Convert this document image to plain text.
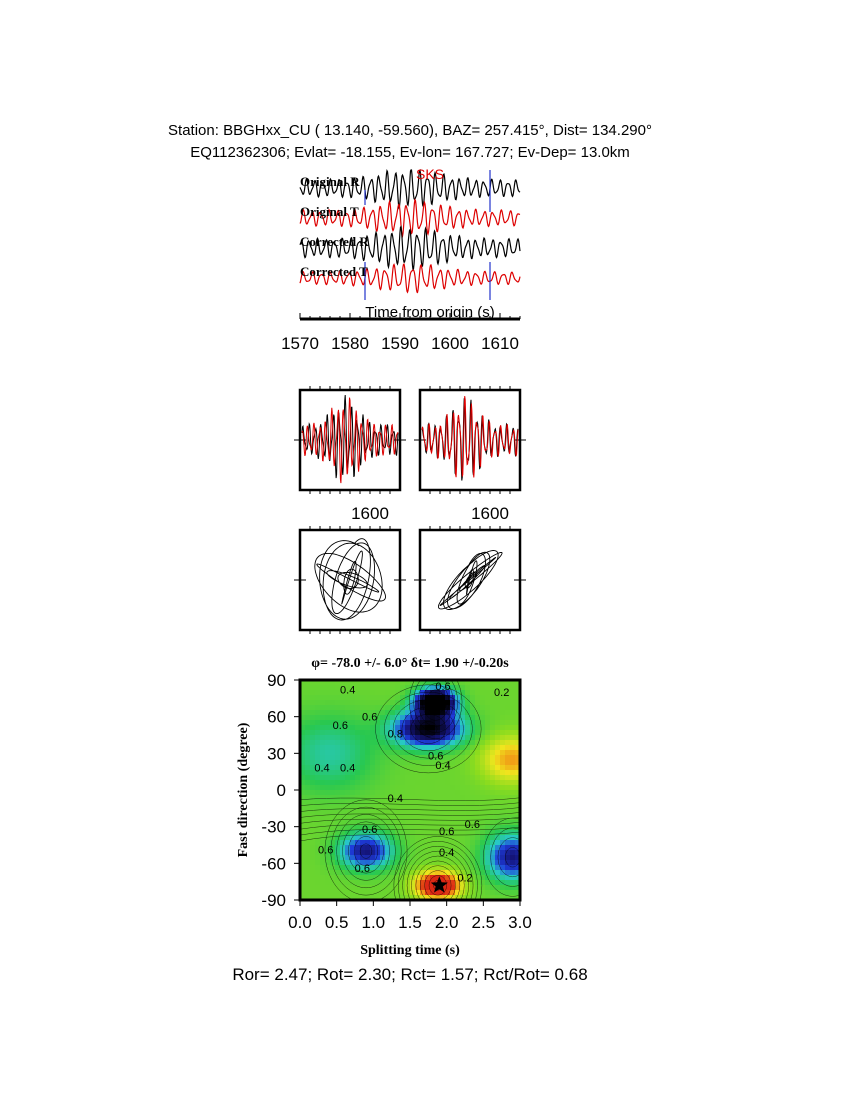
Station: BBGHxx_CU ( 13.140, -59.560), BAZ= 257.415°, Dist= 134.290°
EQ112362306; Evlat= -18.155, Ev-lon= 167.727; Ev-Dep= 13.0km
SKS
Original R
Original T
Corrected R
Corrected T
Time from origin (s)
1570 1580 1590 1600 1610
1600	1600
φ= -78.0 +/- 6.0° δt= 1.90 +/-0.20s
0.4
0.6
0.8
0.6
0.4 0.4
0.4
0.6
0.4
0.6
0.4
0.6	0.6
0.6
0.6
0.6
0.4
0.2
0.2
0.0 0.5 1.0 1.5 2.0 2.5 3.0
90
60
30
0
-30
-60
-90
Splitting time (s)
Fast direction (degree)
Ror= 2.47; Rot= 2.30; Rct= 1.57; Rct/Rot= 0.68
